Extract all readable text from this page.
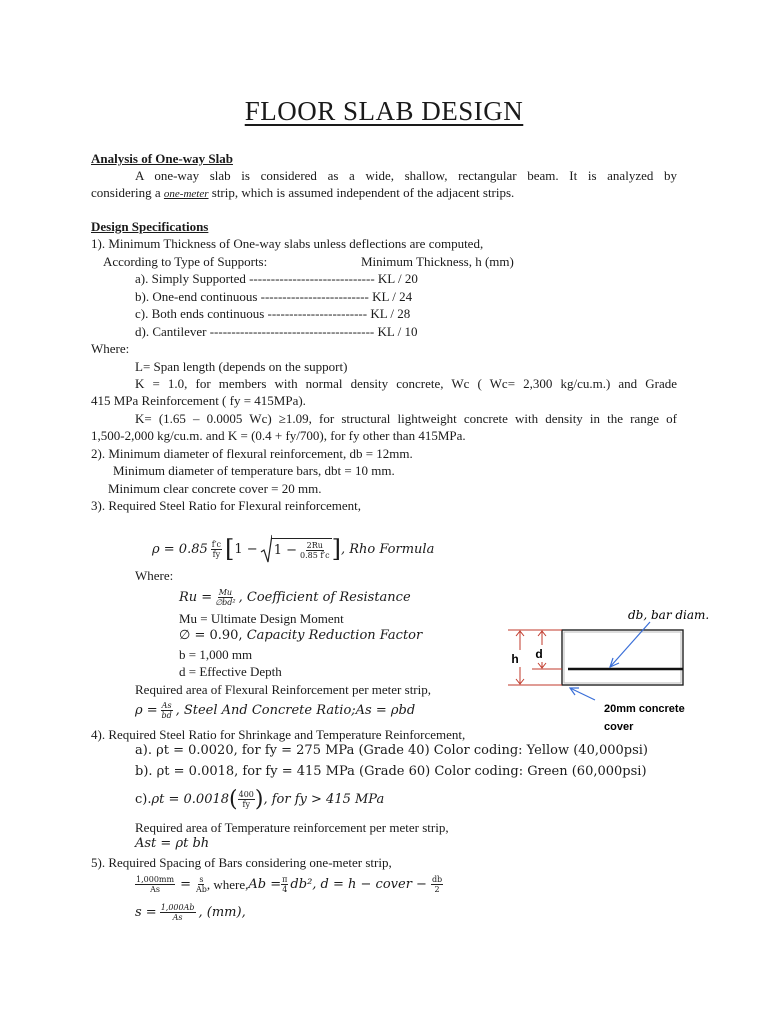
FLOOR SLAB DESIGN
Analysis of One-way Slab
A one-way slab is considered as a wide, shallow, rectangular beam. It is analyzed by
considering a one-meter strip, which is assumed independent of the adjacent strips.
Design Specifications
1). Minimum Thickness of One-way slabs unless deflections are computed,
According to Type of Supports:	Minimum Thickness, h (mm)
a). Simply Supported ----------------------------- KL / 20
b). One-end continuous ------------------------- KL / 24
c). Both ends continuous ----------------------- KL / 28
d). Cantilever -------------------------------------- KL / 10
Where:
L= Span length (depends on the support)
K = 1.0, for members with normal density concrete, Wc ( Wc= 2,300 kg/cu.m.) and Grade
415 MPa Reinforcement ( fy = 415MPa).
K= (1.65 – 0.0005 Wc) ≥1.09, for structural lightweight concrete with density in the range of
1,500-2,000 kg/cu.m. and K = (0.4 + fy/700), for fy other than 415MPa.
2). Minimum diameter of flexural reinforcement, db = 12mm.
Minimum diameter of temperature bars, dbt = 10 mm.
Minimum clear concrete cover = 20 mm.
3). Required Steel Ratio for Flexural reinforcement,
$\rho = 0.85 \frac{f'c}{fy}$ [ $1 - 1 - \frac{2Ru}{0.85 f'c}$ ] , Rho Formula
Where:
$Ru = \frac{Mu}{\text{∅bd²}}$ , Coefficient of Resistance
Mu = Ultimate Design Moment
∅ = 0.90, Capacity Reduction Factor
b = 1,000 mm
d = Effective Depth
Required area of Flexural Reinforcement per meter strip,
$\rho = \frac{As}{bd}$ , Steel And Concrete Ratio; As = ρbd
4). Required Steel Ratio for Shrinkage and Temperature Reinforcement,
a). ρt = 0.0020, for fy = 275 MPa (Grade 40) Color coding: Yellow (40,000psi)
b). ρt = 0.0018, for fy = 415 MPa (Grade 60) Color coding: Green (60,000psi)
c). ρt = 0.0018 ( $\frac{400}{fy}$ ) , for fy > 415 MPa
Required area of Temperature reinforcement per meter strip,
Ast = ρt bh
5). Required Spacing of Bars considering one-meter strip,
$\frac{1,000mm}{As} = \frac{s}{Ab}$ , where, $Ab = \frac{\pi}{4} db^2$, d = h − cover − $\frac{db}{2}$
$s = \frac{1,000Ab}{As}$ , (mm),
h d
db, bar diam.
20mm concrete
cover
